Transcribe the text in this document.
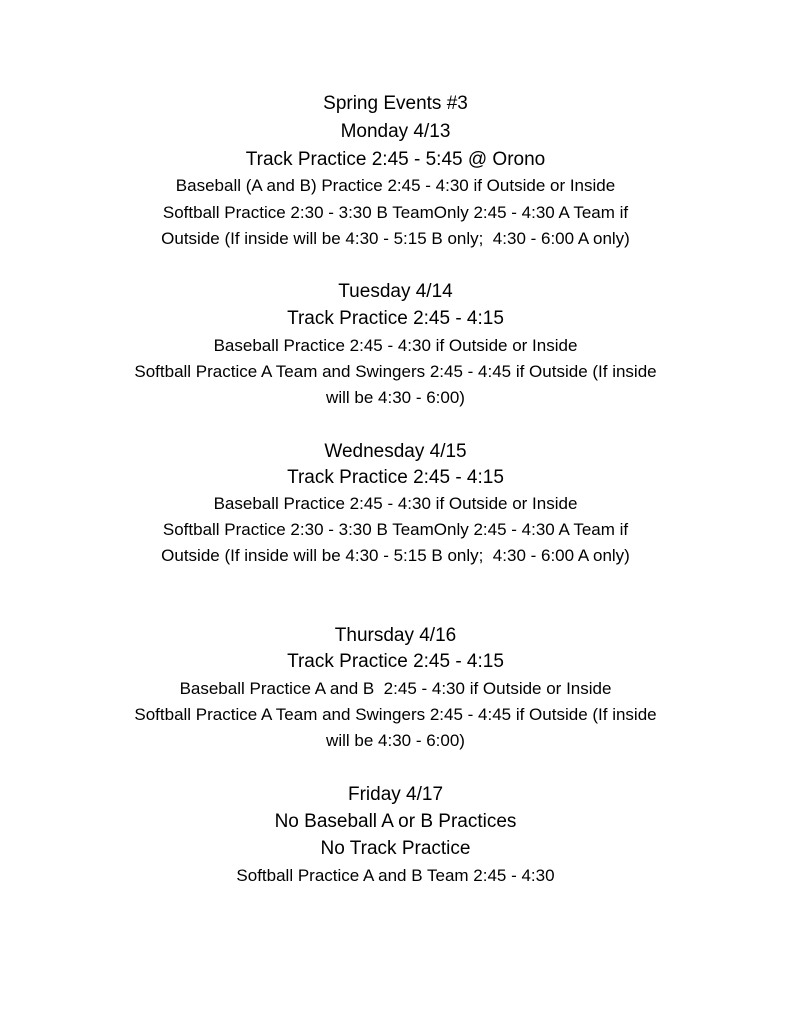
Spring Events #3
Monday 4/13
Track Practice 2:45 - 5:45 @ Orono
Baseball (A and B) Practice 2:45 - 4:30 if Outside or Inside
Softball Practice 2:30 - 3:30 B TeamOnly 2:45 - 4:30 A Team if
Outside (If inside will be 4:30 - 5:15 B only;  4:30 - 6:00 A only)
Tuesday 4/14
Track Practice 2:45 - 4:15
Baseball Practice 2:45 - 4:30 if Outside or Inside
Softball Practice A Team and Swingers 2:45 - 4:45 if Outside (If inside
will be 4:30 - 6:00)
Wednesday 4/15
Track Practice 2:45 - 4:15
Baseball Practice 2:45 - 4:30 if Outside or Inside
Softball Practice 2:30 - 3:30 B TeamOnly 2:45 - 4:30 A Team if
Outside (If inside will be 4:30 - 5:15 B only;  4:30 - 6:00 A only)
Thursday 4/16
Track Practice 2:45 - 4:15
Baseball Practice A and B  2:45 - 4:30 if Outside or Inside
Softball Practice A Team and Swingers 2:45 - 4:45 if Outside (If inside
will be 4:30 - 6:00)
Friday 4/17
No Baseball A or B Practices
No Track Practice
Softball Practice A and B Team 2:45 - 4:30
